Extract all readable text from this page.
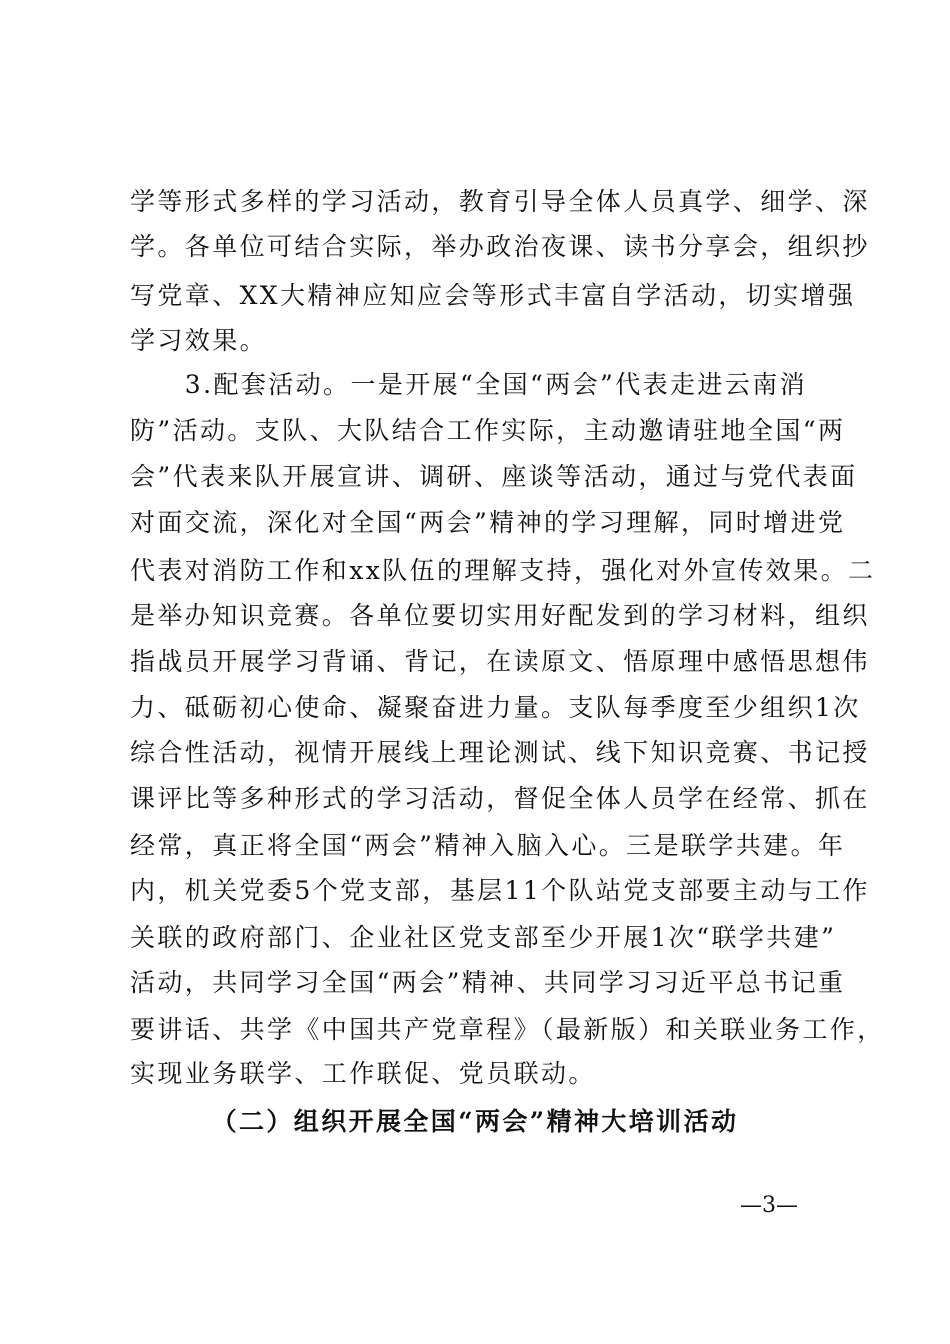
学等形式多样的学习活动，教育引导全体人员真学、细学、深
学。各单位可结合实际，举办政治夜课、读书分享会，组织抄
写党章、XX大精神应知应会等形式丰富自学活动，切实增强
学习效果。
　　3.配套活动。一是开展“全国“两会”代表走进云南消
防”活动。支队、大队结合工作实际，主动邀请驻地全国“两
会”代表来队开展宣讲、调研、座谈等活动，通过与党代表面
对面交流，深化对全国“两会”精神的学习理解，同时增进党
代表对消防工作和xx队伍的理解支持，强化对外宣传效果。二
是举办知识竞赛。各单位要切实用好配发到的学习材料，组织
指战员开展学习背诵、背记，在读原文、悟原理中感悟思想伟
力、砥砺初心使命、凝聚奋进力量。支队每季度至少组织1次
综合性活动，视情开展线上理论测试、线下知识竞赛、书记授
课评比等多种形式的学习活动，督促全体人员学在经常、抓在
经常，真正将全国“两会”精神入脑入心。三是联学共建。年
内，机关党委5个党支部，基层11个队站党支部要主动与工作
关联的政府部门、企业社区党支部至少开展1次“联学共建”
活动，共同学习全国“两会”精神、共同学习习近平总书记重
要讲话、共学《中国共产党章程》（最新版）和关联业务工作，
实现业务联学、工作联促、党员联动。
（二）组织开展全国“两会”精神大培训活动
—3—
